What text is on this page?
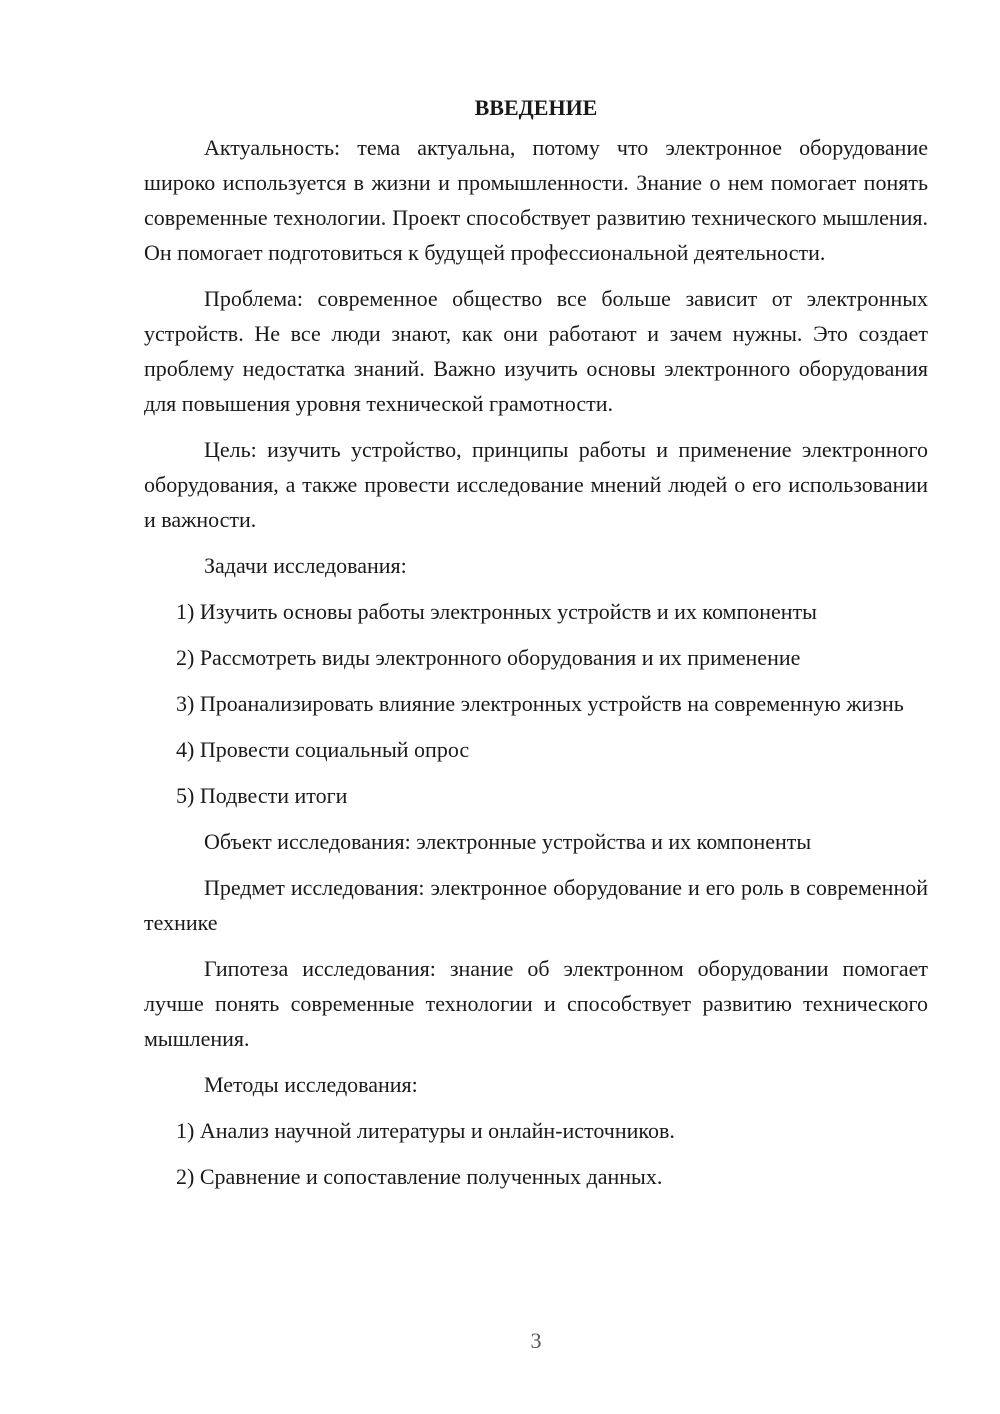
ВВЕДЕНИЕ

Актуальность: тема актуальна, потому что электронное оборудование широко используется в жизни и промышленности. Знание о нем помогает понять современные технологии. Проект способствует развитию технического мышления. Он помогает подготовиться к будущей профессиональной деятельности.

Проблема: современное общество все больше зависит от электронных устройств. Не все люди знают, как они работают и зачем нужны. Это создает проблему недостатка знаний. Важно изучить основы электронного оборудования для повышения уровня технической грамотности.

Цель: изучить устройство, принципы работы и применение электронного оборудования, а также провести исследование мнений людей о его использовании и важности.

Задачи исследования:

1) Изучить основы работы электронных устройств и их компоненты

2) Рассмотреть виды электронного оборудования и их применение

3) Проанализировать влияние электронных устройств на современную жизнь

4) Провести социальный опрос

5) Подвести итоги

Объект исследования: электронные устройства и их компоненты

Предмет исследования: электронное оборудование и его роль в современной технике

Гипотеза исследования: знание об электронном оборудовании помогает лучше понять современные технологии и способствует развитию технического мышления.

Методы исследования:

1) Анализ научной литературы и онлайн-источников.

2) Сравнение и сопоставление полученных данных.

3
